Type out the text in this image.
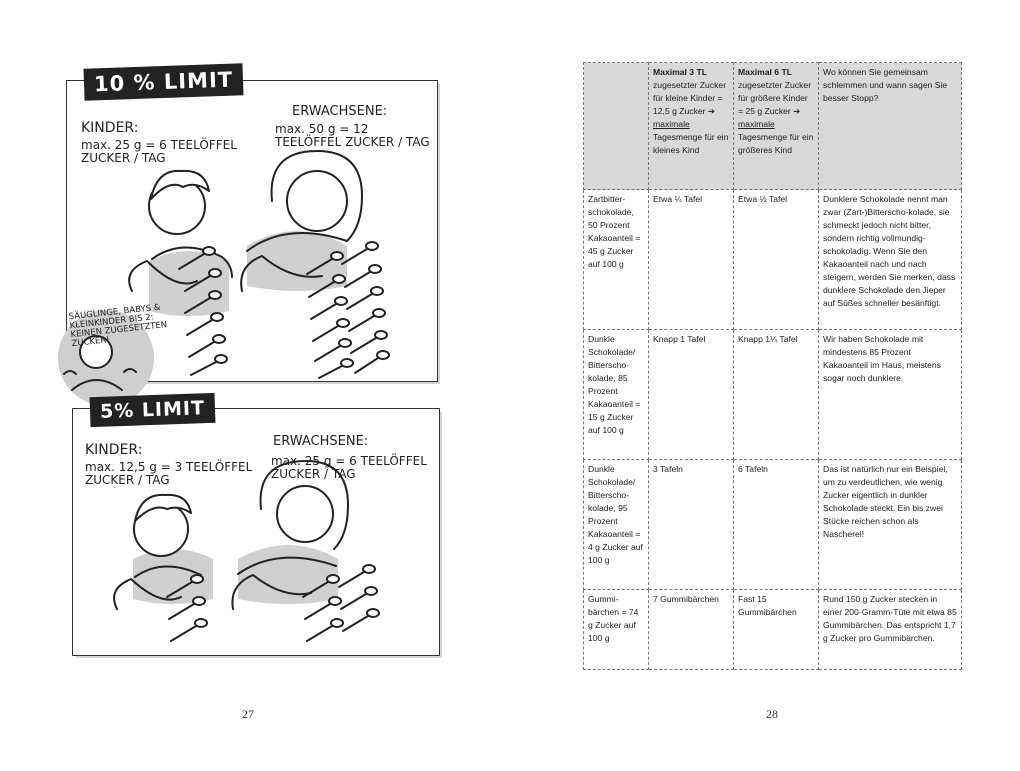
KINDER:
max. 25 g = 6 TEELÖFFEL ZUCKER / TAG
ERWACHSENE:
max. 50 g = 12 TEELÖFFEL ZUCKER / TAG
10 % LIMIT
SÄUGLINGE, BABYS & KLEINKINDER BIS 2: KEINEN ZUGESETZTEN ZUCKER!
KINDER:
max. 12,5 g = 3 TEELÖFFEL ZUCKER / TAG
ERWACHSENE:
max. 25 g = 6 TEELÖFFEL ZUCKER / TAG
5% LIMIT
27
	Maximal 3 TL zugesetzter Zucker für kleine Kinder = 12,5 g Zucker ➔ maximale Tagesmenge für ein kleines Kind	Maximal 6 TL zugesetzter Zucker für größere Kinder = 25 g Zucker ➔ maximale Tagesmenge für ein größeres Kind	Wo können Sie gemeinsam schlemmen und wann sagen Sie besser Stopp?
Zartbitter-schokolade, 50 Prozent Kakaoanteil = 45 g Zucker auf 100 g	Etwa ¼ Tafel	Etwa ½ Tafel	Dunklere Schokolade nennt man zwar (Zart-)Bitterscho-kolade, sie schmeckt jedoch nicht bitter, sondern richtig vollmundig-schokoladig. Wenn Sie den Kakaoanteil nach und nach steigern, werden Sie merken, dass dunklere Schokolade den Jieper auf Süßes schneller besänftigt.
Dunkle Schokolade/ Bitterscho-kolade, 85 Prozent Kakaoanteil = 15 g Zucker auf 100 g	Knapp 1 Tafel	Knapp 1¼ Tafel	Wir haben Schokolade mit mindestens 85 Prozent Kakaoanteil im Haus, meistens sogar noch dunklere.
Dunkle Schokolade/ Bitterscho-kolade, 95 Prozent Kakaoanteil = 4 g Zucker auf 100 g	3 Tafeln	6 Tafeln	Das ist natürlich nur ein Beispiel, um zu verdeutlichen, wie wenig Zucker eigentlich in dunkler Schokolade steckt. Ein bis zwei Stücke reichen schon als Nascherei!
Gummi-bärchen = 74 g Zucker auf 100 g	7 Gummibärchen	Fast 15 Gummibärchen	Rund 150 g Zucker stecken in einer 200-Gramm-Tüte mit etwa 85 Gummibärchen. Das entspricht 1,7 g Zucker pro Gummibärchen.
28
